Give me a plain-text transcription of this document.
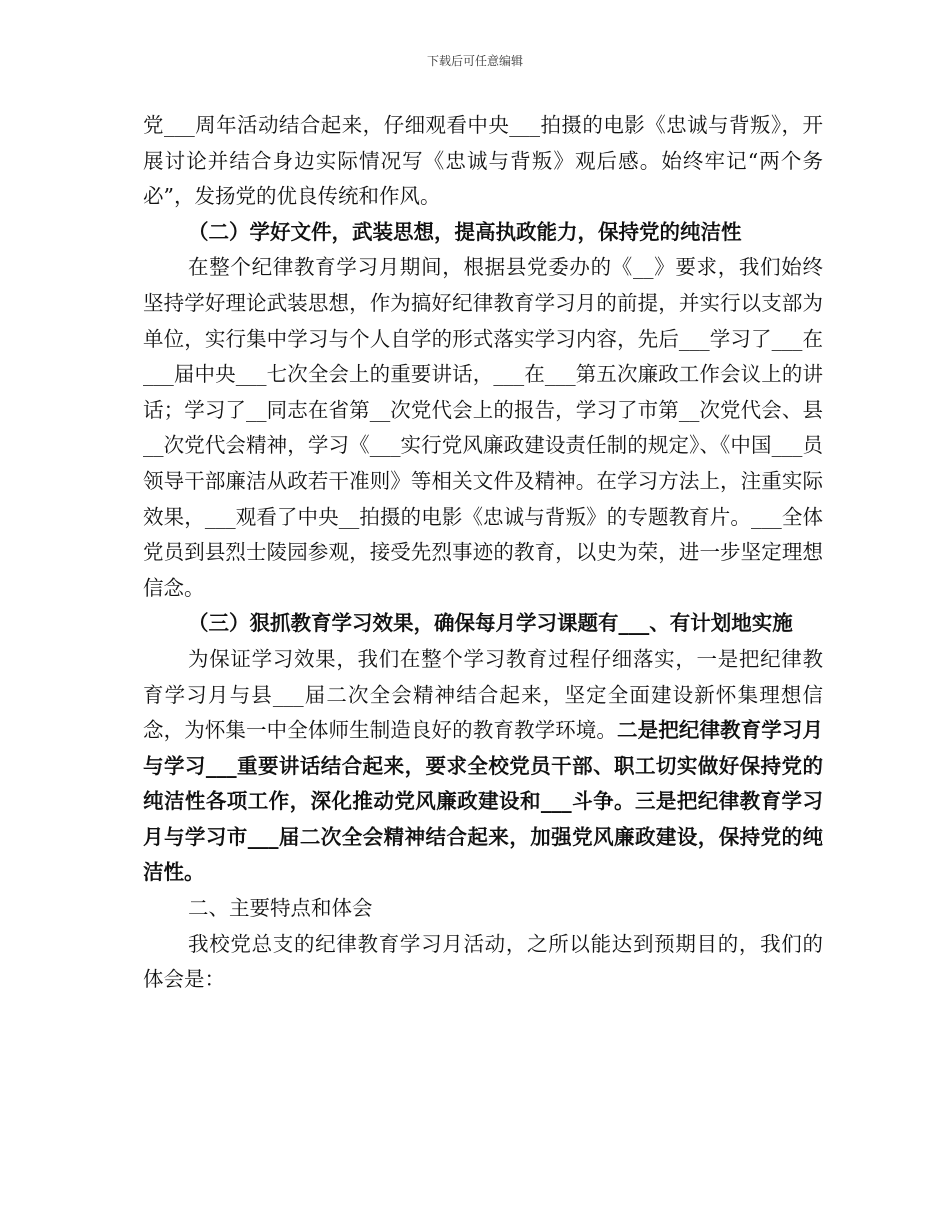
下载后可任意编辑

党___周年活动结合起来，仔细观看中央___拍摄的电影《忠诚与背叛》，开展讨论并结合身边实际情况写《忠诚与背叛》观后感。始终牢记“两个务必”，发扬党的优良传统和作风。

（二）学好文件，武装思想，提高执政能力，保持党的纯洁性

在整个纪律教育学习月期间，根据县党委办的《__》要求，我们始终坚持学好理论武装思想，作为搞好纪律教育学习月的前提，并实行以支部为单位，实行集中学习与个人自学的形式落实学习内容，先后___学习了___在___届中央___七次全会上的重要讲话，___在___第五次廉政工作会议上的讲话；学习了__同志在省第__次党代会上的报告，学习了市第__次党代会、县__次党代会精神，学习《___实行党风廉政建设责任制的规定》、《中国___员领导干部廉洁从政若干准则》等相关文件及精神。在学习方法上，注重实际效果，___观看了中央__拍摄的电影《忠诚与背叛》的专题教育片。___全体党员到县烈士陵园参观，接受先烈事迹的教育，以史为荣，进一步坚定理想信念。

（三）狠抓教育学习效果，确保每月学习课题有___、有计划地实施

为保证学习效果，我们在整个学习教育过程仔细落实，一是把纪律教育学习月与县___届二次全会精神结合起来，坚定全面建设新怀集理想信念，为怀集一中全体师生制造良好的教育教学环境。二是把纪律教育学习月与学习___重要讲话结合起来，要求全校党员干部、职工切实做好保持党的纯洁性各项工作，深化推动党风廉政建设和___斗争。三是把纪律教育学习月与学习市___届二次全会精神结合起来，加强党风廉政建设，保持党的纯洁性。

二、主要特点和体会

我校党总支的纪律教育学习月活动，之所以能达到预期目的，我们的体会是：
